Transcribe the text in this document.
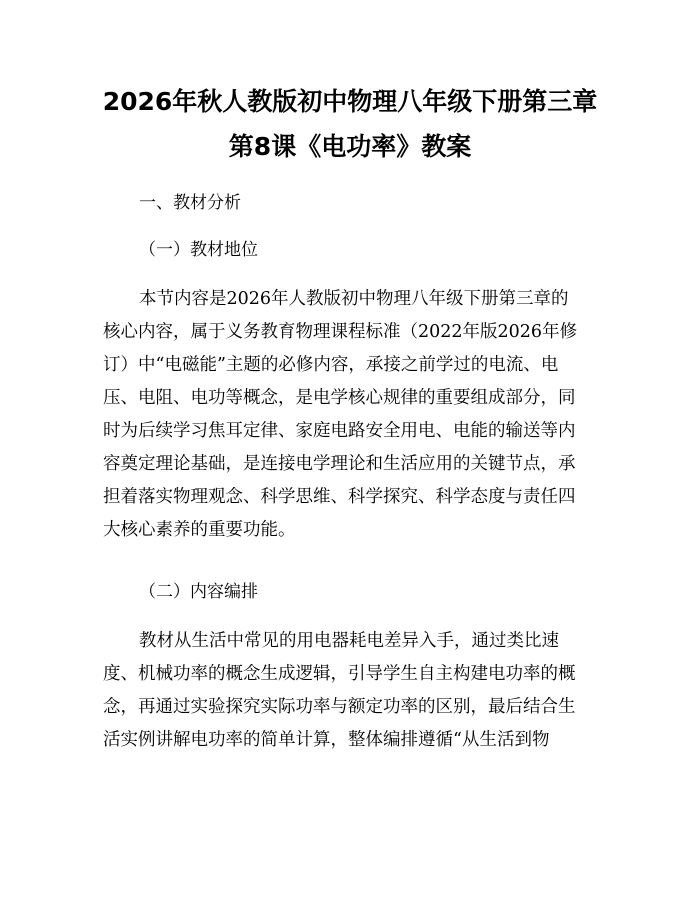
2026年秋人教版初中物理八年级下册第三章
第8课《电功率》教案
一、教材分析
（一）教材地位
本节内容是2026年人教版初中物理八年级下册第三章的
核心内容，属于义务教育物理课程标准（2022年版2026年修
订）中“电磁能”主题的必修内容，承接之前学过的电流、电
压、电阻、电功等概念，是电学核心规律的重要组成部分，同
时为后续学习焦耳定律、家庭电路安全用电、电能的输送等内
容奠定理论基础，是连接电学理论和生活应用的关键节点，承
担着落实物理观念、科学思维、科学探究、科学态度与责任四
大核心素养的重要功能。
（二）内容编排
教材从生活中常见的用电器耗电差异入手，通过类比速
度、机械功率的概念生成逻辑，引导学生自主构建电功率的概
念，再通过实验探究实际功率与额定功率的区别，最后结合生
活实例讲解电功率的简单计算，整体编排遵循“从生活到物
